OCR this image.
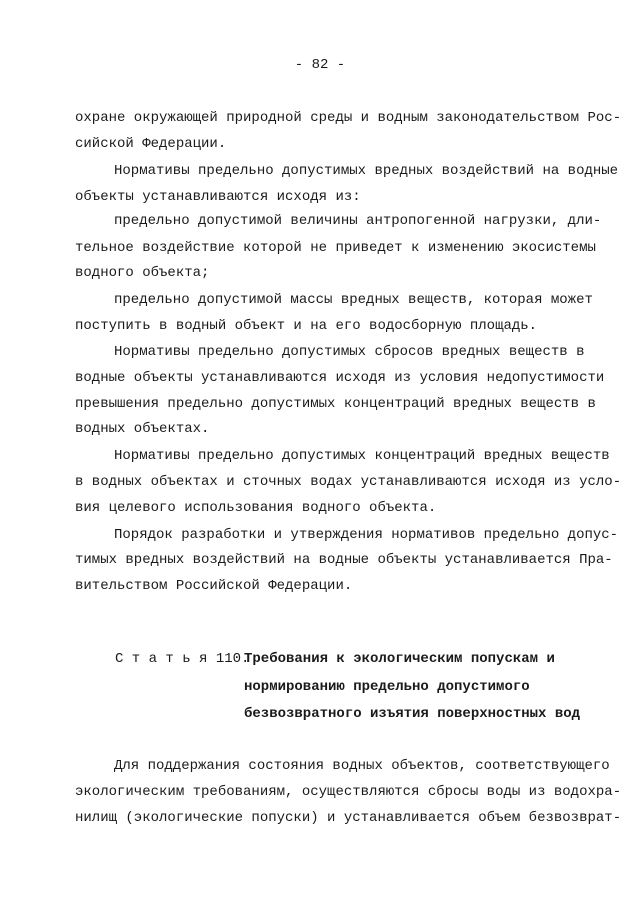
- 82 -
охране окружающей природной среды и водным законодательством Рос-
сийской Федерации.
Нормативы предельно допустимых вредных воздействий на водные
объекты устанавливаются исходя из:
предельно допустимой величины антропогенной нагрузки, дли-
тельное воздействие которой не приведет к изменению экосистемы
водного объекта;
предельно допустимой массы вредных веществ, которая может
поступить в водный объект и на его водосборную площадь.
Нормативы предельно допустимых сбросов вредных веществ в
водные объекты устанавливаются исходя из условия недопустимости
превышения предельно допустимых концентраций вредных веществ в
водных объектах.
Нормативы предельно допустимых концентраций вредных веществ
в водных объектах и сточных водах устанавливаются исходя из усло-
вия целевого использования водного объекта.
Порядок разработки и утверждения нормативов предельно допус-
тимых вредных воздействий на водные объекты устанавливается Пра-
вительством Российской Федерации.
С т а т ь я 110.
Требования к экологическим попускам и
нормированию предельно допустимого
безвозвратного изъятия поверхностных вод
Для поддержания состояния водных объектов, соответствующего
экологическим требованиям, осуществляются сбросы воды из водохра-
нилищ (экологические попуски) и устанавливается объем безвозврат-
